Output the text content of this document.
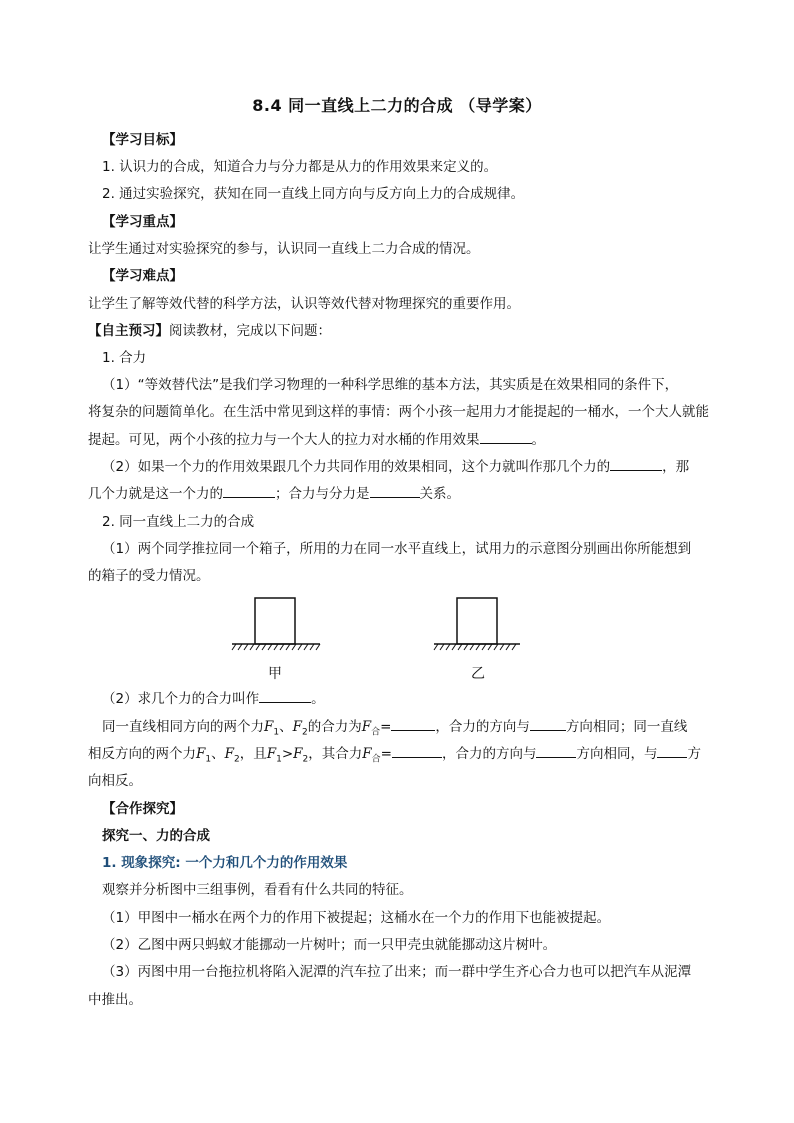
8.4 同一直线上二力的合成 （导学案）
【学习目标】
1. 认识力的合成，知道合力与分力都是从力的作用效果来定义的。
2. 通过实验探究，获知在同一直线上同方向与反方向上力的合成规律。
【学习重点】
让学生通过对实验探究的参与，认识同一直线上二力合成的情况。
【学习难点】
让学生了解等效代替的科学方法，认识等效代替对物理探究的重要作用。
【自主预习】阅读教材，完成以下问题：
1. 合力
（1）“等效替代法”是我们学习物理的一种科学思维的基本方法，其实质是在效果相同的条件下，
将复杂的问题简单化。在生活中常见到这样的事情：两个小孩一起用力才能提起的一桶水，一个大人就能
提起。可见，两个小孩的拉力与一个大人的拉力对水桶的作用效果	。
（2）如果一个力的作用效果跟几个力共同作用的效果相同，这个力就叫作那几个力的	，那
几个力就是这一个力的	；合力与分力是	关系。
2. 同一直线上二力的合成
（1）两个同学推拉同一个箱子，所用的力在同一水平直线上，试用力的示意图分别画出你所能想到
的箱子的受力情况。
甲	乙
（2）求几个力的合力叫作	。
同一直线相同方向的两个力$F_1$、$F_2$的合力为$F_合=$	，合力的方向与	方向相同；同一直线
相反方向的两个力$F_1$、$F_2$，且$F_1>F_2$，其合力$F_合=$	，合力的方向与	方向相同，与 方
向相反。
【合作探究】
探究一、力的合成
1. 现象探究: 一个力和几个力的作用效果
观察并分析图中三组事例，看看有什么共同的特征。
（1）甲图中一桶水在两个力的作用下被提起；这桶水在一个力的作用下也能被提起。
（2）乙图中两只蚂蚁才能挪动一片树叶；而一只甲壳虫就能挪动这片树叶。
（3）丙图中用一台拖拉机将陷入泥潭的汽车拉了出来；而一群中学生齐心合力也可以把汽车从泥潭
中推出。
